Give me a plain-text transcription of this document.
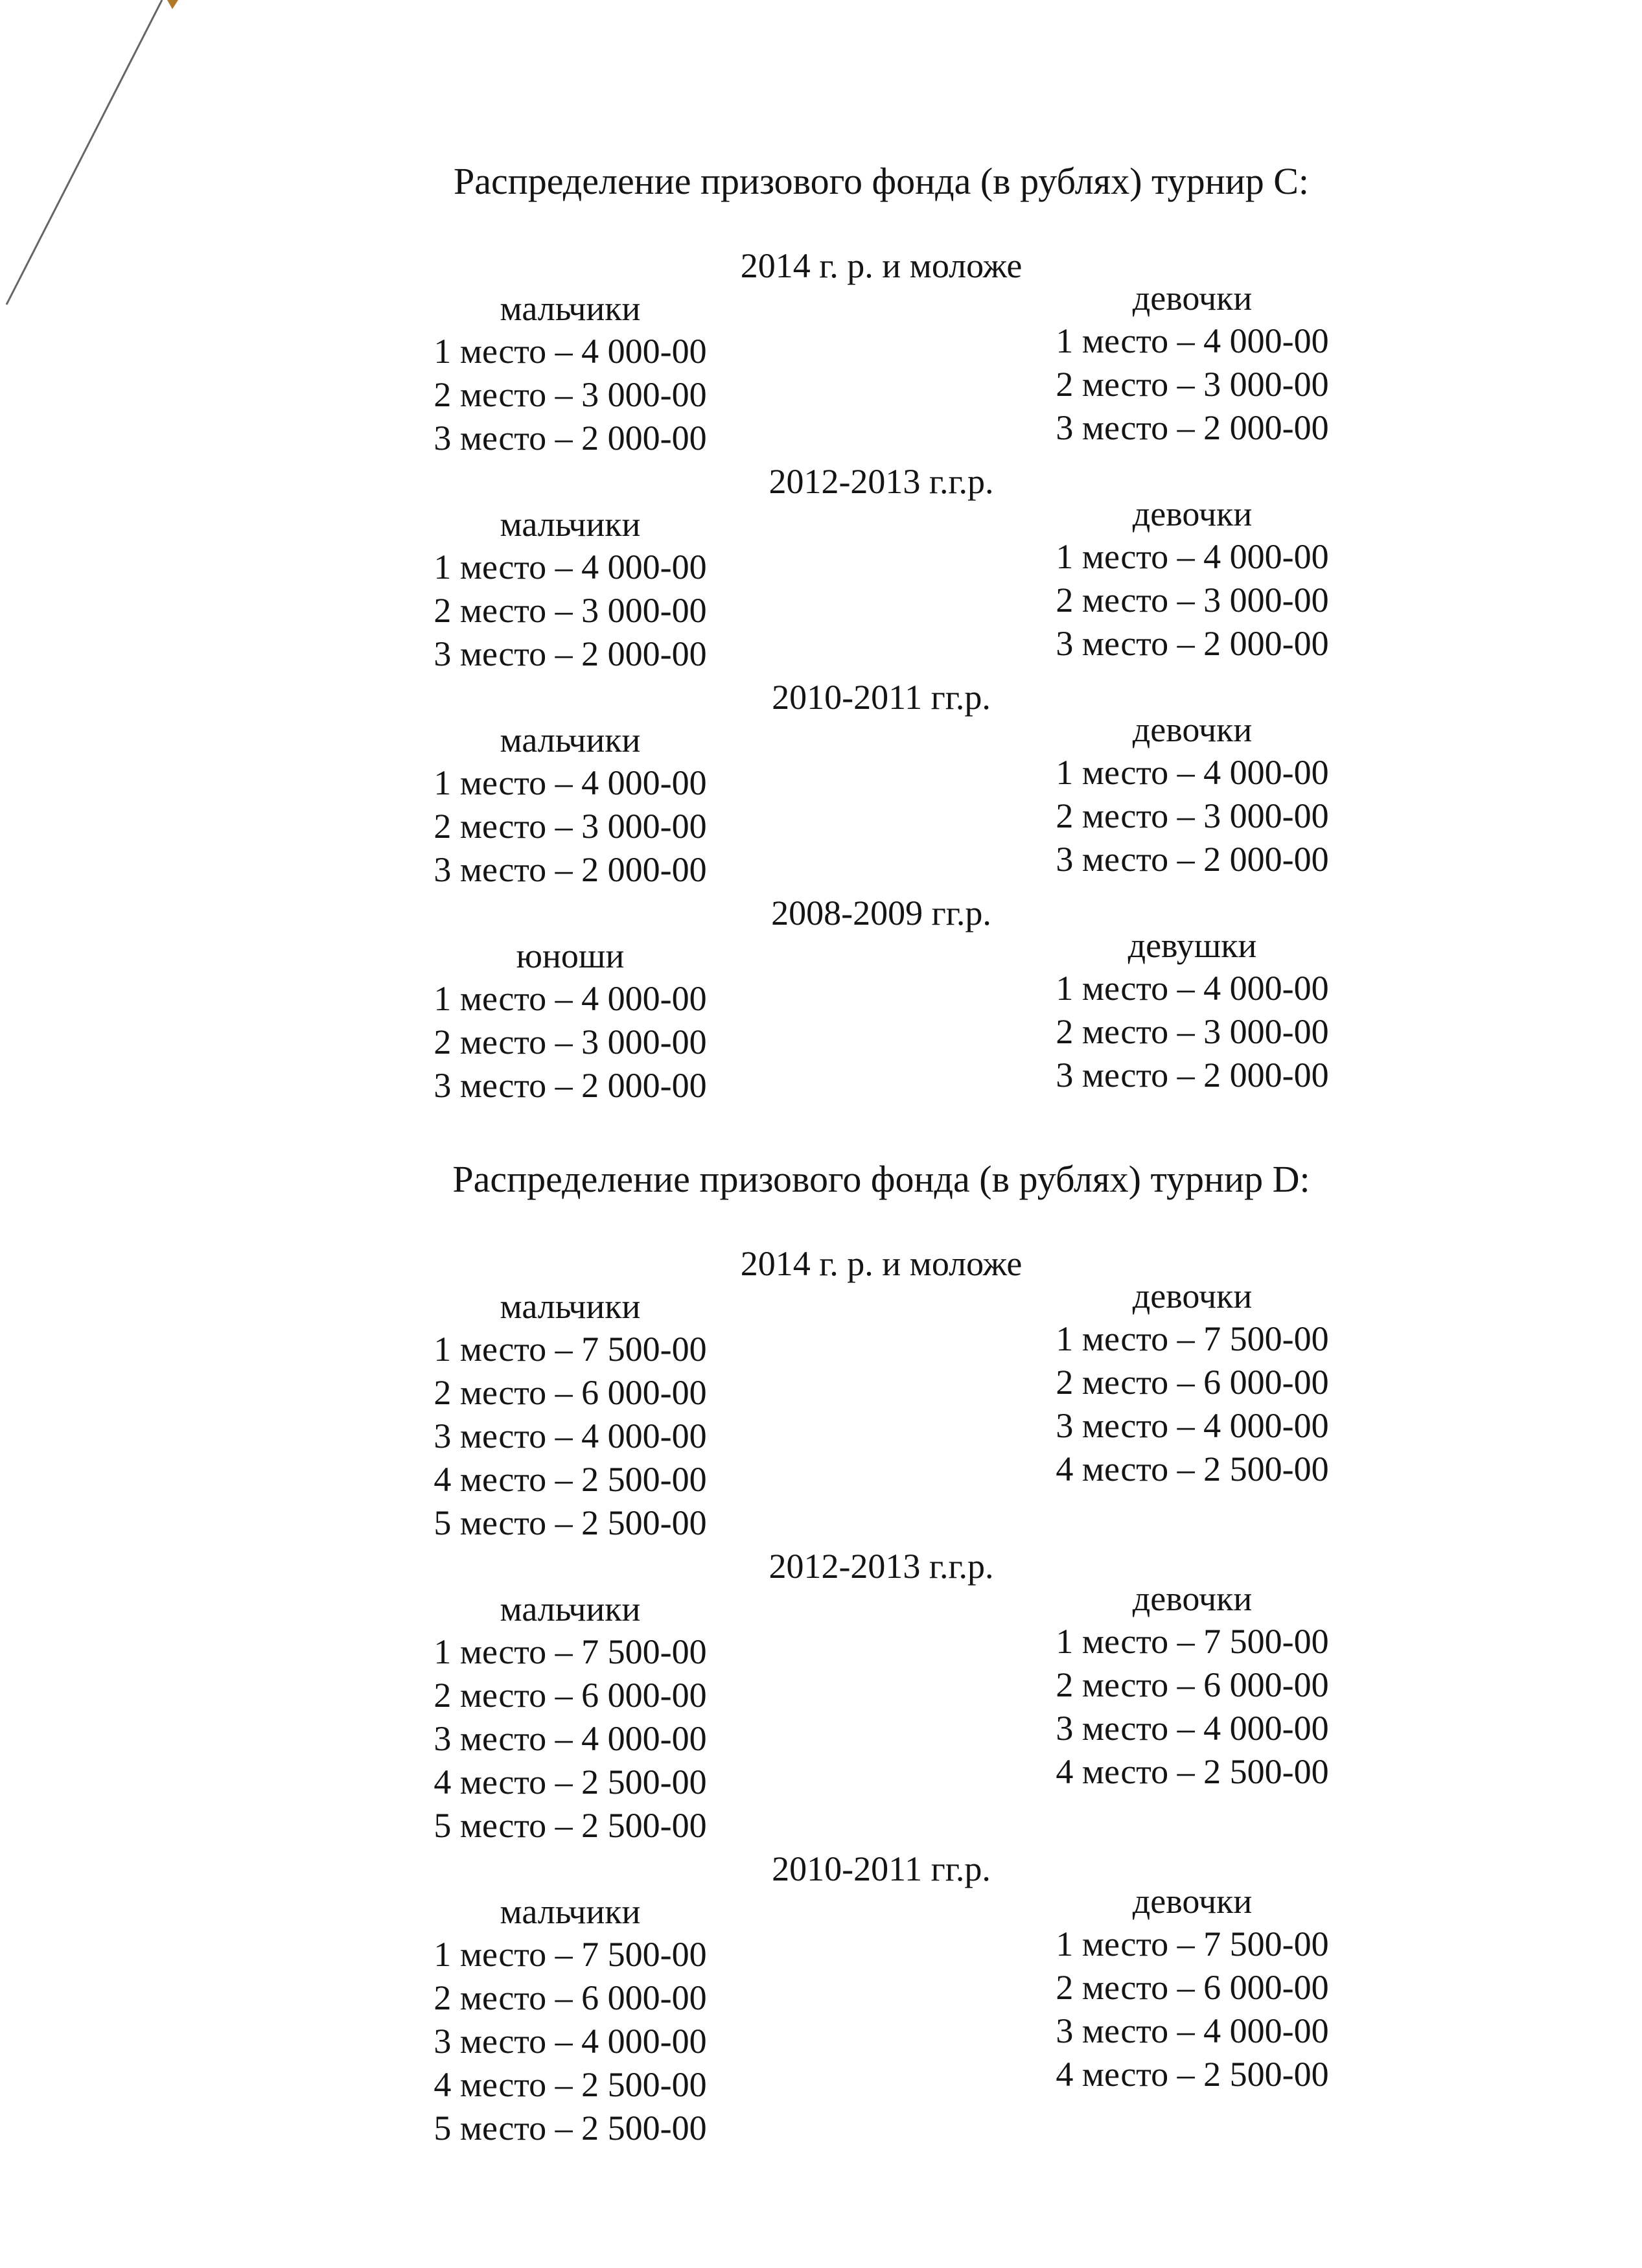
Распределение призового фонда (в рублях) турнир С:

2014 г. р. и моложе
мальчики
1 место – 4 000-00
2 место – 3 000-00
3 место – 2 000-00
девочки
1 место – 4 000-00
2 место – 3 000-00
3 место – 2 000-00
2012-2013 г.г.р.
мальчики
1 место – 4 000-00
2 место – 3 000-00
3 место – 2 000-00
девочки
1 место – 4 000-00
2 место – 3 000-00
3 место – 2 000-00
2010-2011 гг.р.
мальчики
1 место – 4 000-00
2 место – 3 000-00
3 место – 2 000-00
девочки
1 место – 4 000-00
2 место – 3 000-00
3 место – 2 000-00
2008-2009 гг.р.
юноши
1 место – 4 000-00
2 место – 3 000-00
3 место – 2 000-00
девушки
1 место – 4 000-00
2 место – 3 000-00
3 место – 2 000-00

Распределение призового фонда (в рублях) турнир D:

2014 г. р. и моложе
мальчики
1 место – 7 500-00
2 место – 6 000-00
3 место – 4 000-00
4 место – 2 500-00
5 место – 2 500-00
девочки
1 место – 7 500-00
2 место – 6 000-00
3 место – 4 000-00
4 место – 2 500-00
2012-2013 г.г.р.
мальчики
1 место – 7 500-00
2 место – 6 000-00
3 место – 4 000-00
4 место – 2 500-00
5 место – 2 500-00
девочки
1 место – 7 500-00
2 место – 6 000-00
3 место – 4 000-00
4 место – 2 500-00
2010-2011 гг.р.
мальчики
1 место – 7 500-00
2 место – 6 000-00
3 место – 4 000-00
4 место – 2 500-00
5 место – 2 500-00
девочки
1 место – 7 500-00
2 место – 6 000-00
3 место – 4 000-00
4 место – 2 500-00
